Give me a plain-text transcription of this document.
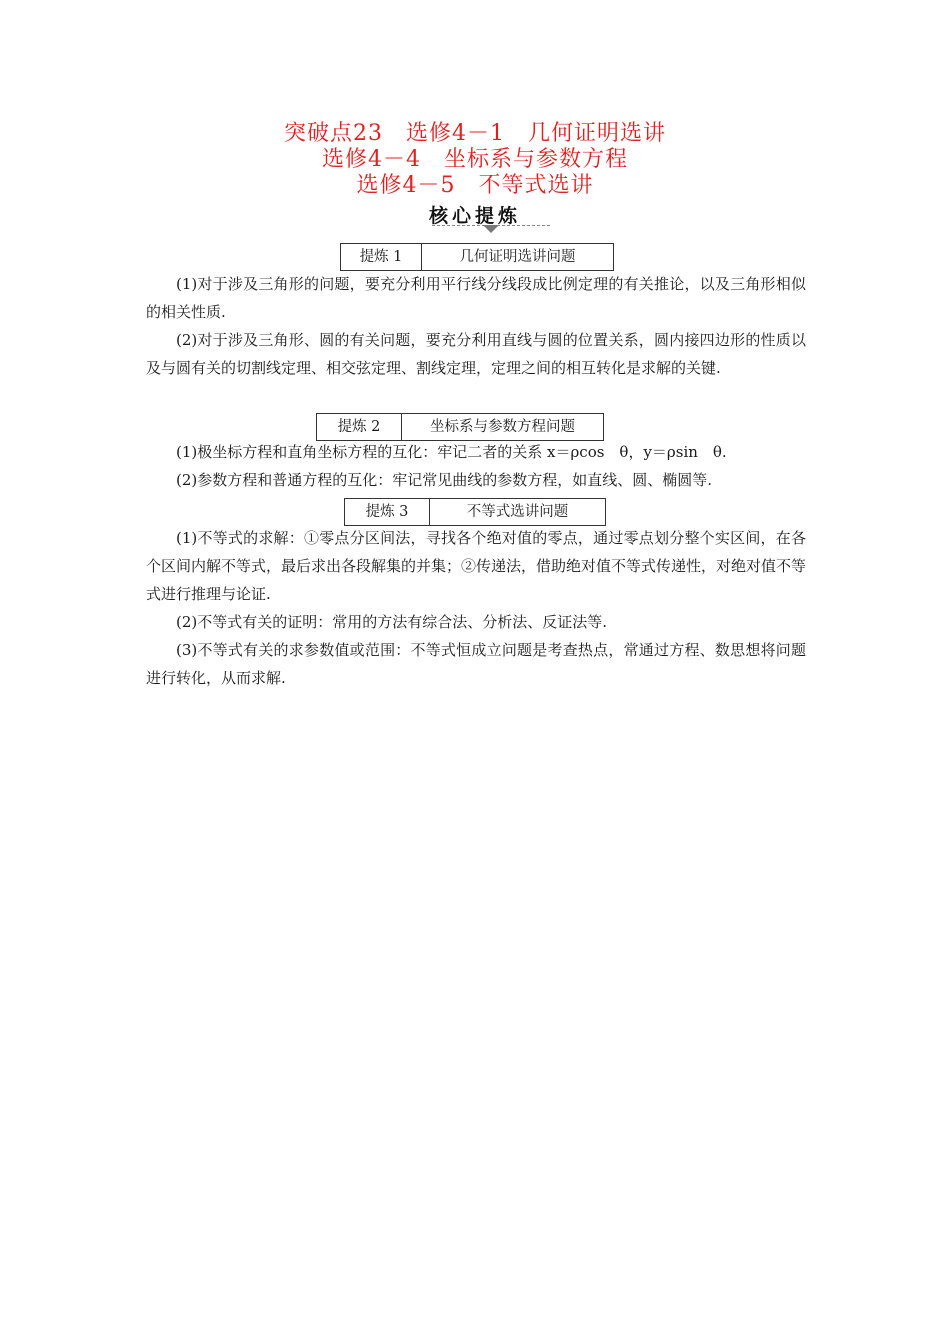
突破点23　选修4－1　几何证明选讲
选修4－4　坐标系与参数方程
选修4－5　不等式选讲
核心提炼
提炼 1	几何证明选讲问题

(1)对于涉及三角形的问题，要充分利用平行线分线段成比例定理的有关推论，以及三角形相似的相关性质.

(2)对于涉及三角形、圆的有关问题，要充分利用直线与圆的位置关系，圆内接四边形的性质以及与圆有关的切割线定理、相交弦定理、割线定理，定理之间的相互转化是求解的关键.

提炼 2	坐标系与参数方程问题

(1)极坐标方程和直角坐标方程的互化：牢记二者的关系 x＝ρcos　θ，y＝ρsin　θ.

(2)参数方程和普通方程的互化：牢记常见曲线的参数方程，如直线、圆、椭圆等.

提炼 3	不等式选讲问题

(1)不等式的求解：①零点分区间法，寻找各个绝对值的零点，通过零点划分整个实区间，在各个区间内解不等式，最后求出各段解集的并集；②传递法，借助绝对值不等式传递性，对绝对值不等式进行推理与论证.

(2)不等式有关的证明：常用的方法有综合法、分析法、反证法等.

(3)不等式有关的求参数值或范围：不等式恒成立问题是考查热点，常通过方程、数思想将问题进行转化，从而求解.
